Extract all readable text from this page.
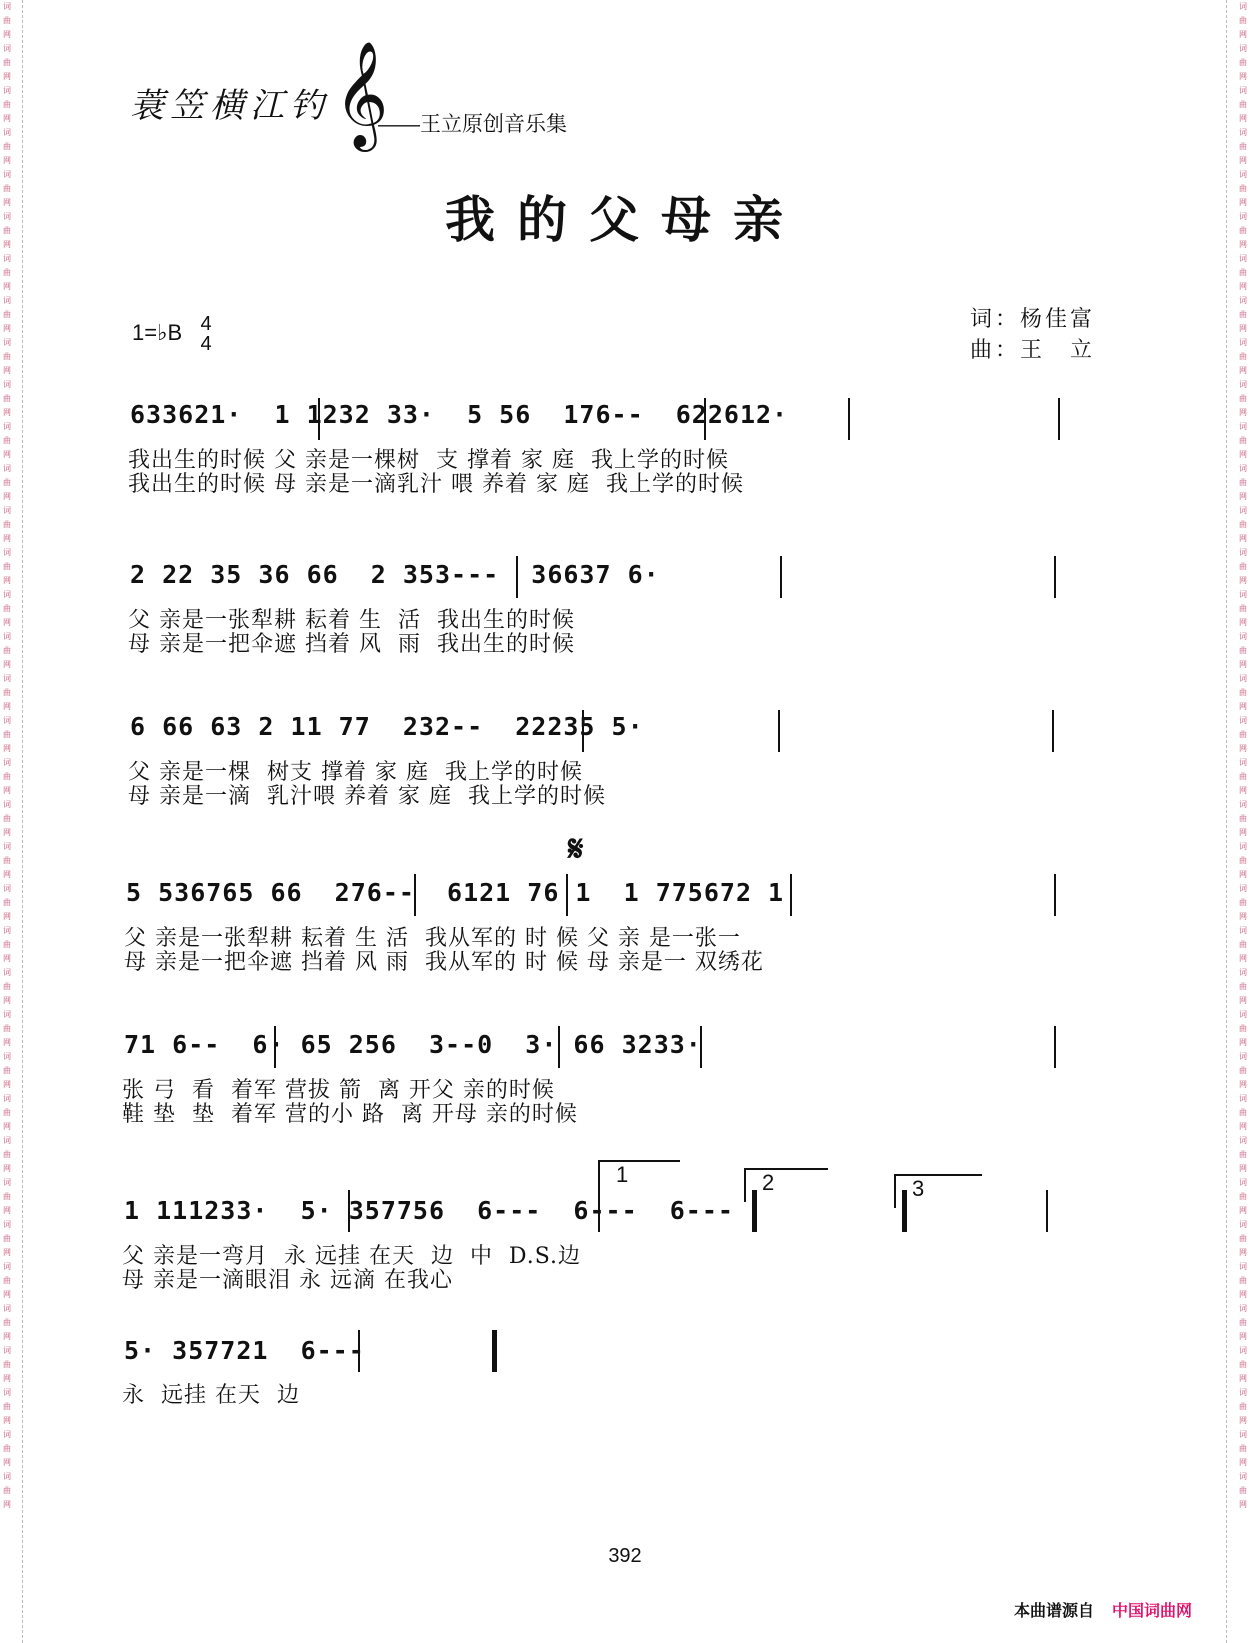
词曲网词曲网词曲网词曲网词曲网词曲网词曲网词曲网词曲网词曲网词曲网词曲网词曲网词曲网词曲网词曲网词曲网词曲网词曲网词曲网词曲网词曲网词曲网词曲网词曲网词曲网词曲网词曲网词曲网词曲网词曲网词曲网词曲网词曲网词曲网词曲网
词曲网词曲网词曲网词曲网词曲网词曲网词曲网词曲网词曲网词曲网词曲网词曲网词曲网词曲网词曲网词曲网词曲网词曲网词曲网词曲网词曲网词曲网词曲网词曲网词曲网词曲网词曲网词曲网词曲网词曲网词曲网词曲网词曲网词曲网词曲网词曲网
蓑笠横江钓 𝄞
——王立原创音乐集
我的父母亲
1=♭B 4
4
词：杨佳富
曲：王　立
633621·  1 1232 33·  5 56  176--  622612·
我出生的时候 父 亲是一棵树  支 撑着 家 庭  我上学的时候
我出生的时候 母 亲是一滴乳汁 喂 养着 家 庭  我上学的时候
2 22 35 36 66  2 353---  36637 6·
父 亲是一张犁耕 耘着 生  活  我出生的时候
母 亲是一把伞遮 挡着 风  雨  我出生的时候
6 66 63 2 11 77  232--  22235 5·
父 亲是一棵  树支 撑着 家 庭  我上学的时候
母 亲是一滴  乳汁喂 养着 家 庭  我上学的时候
𝄋
5 536765 66  276--  6121 76 1  1 775672 1
父 亲是一张犁耕 耘着 生 活  我从军的 时 候 父 亲 是一张一
母 亲是一把伞遮 挡着 风 雨  我从军的 时 候 母 亲是一 双绣花
71 6--  6· 65 256  3--0  3· 66 3233·
张 弓  看  着军 营拔 箭  离 开父 亲的时候
鞋 垫  垫  着军 营的小 路  离 开母 亲的时候
1	2	3
1 111233·  5· 357756  6---  6---  6---
父 亲是一弯月  永 远挂 在天  边  中  D.S.边
母 亲是一滴眼泪 永 远滴 在我心
5· 357721  6---
永  远挂 在天  边
392
本曲谱源自 中国词曲网
